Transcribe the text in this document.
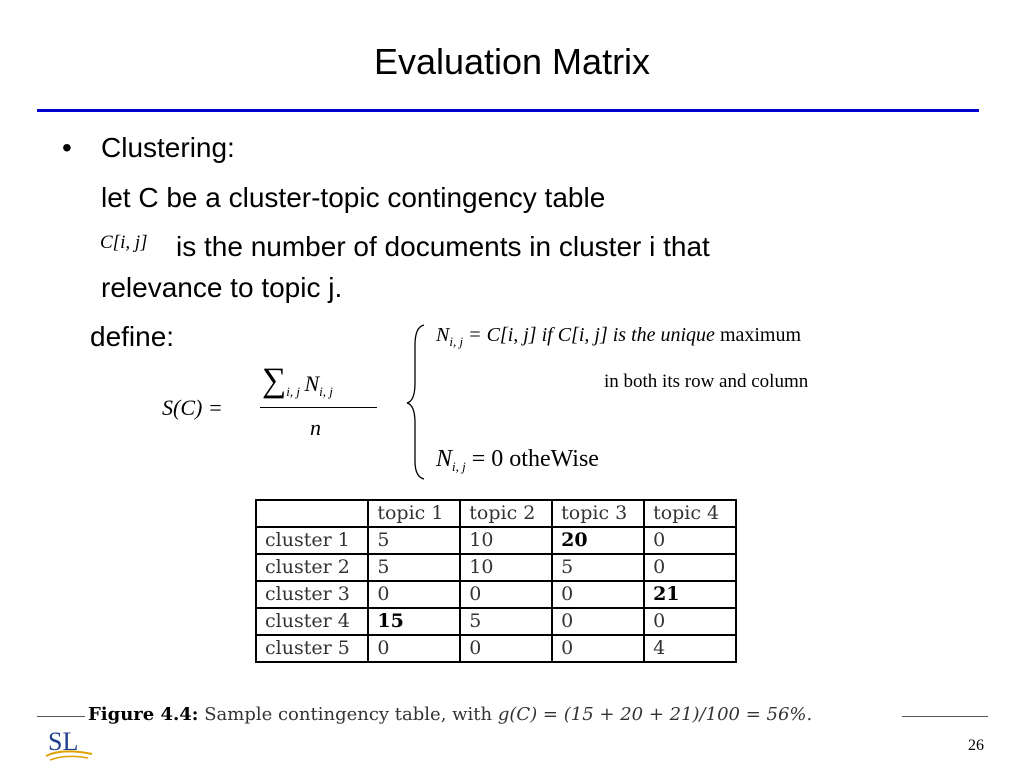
Evaluation Matrix
• Clustering:
let C be a cluster-topic contingency table
C[i, j] is the number of documents in cluster i that
relevance to topic j.
define:
S(C) =
$\sum_{i, j}$ $N_{i, j}$
n
$N_{i, j} = C[i$, j] if C[i, j] is the unique maximum
in both its row and column
$N_{i, j} = 0$ otheWise
	topic 1	topic 2	topic 3	topic 4
cluster 1	5	10	20	0
cluster 2	5	10	5	0
cluster 3	0	0	0	21
cluster 4	15	5	0	0
cluster 5	0	0	0	4
Figure 4.4: Sample contingency table, with g(C) = (15 + 20 + 21)/100 = 56%.
SL	26
